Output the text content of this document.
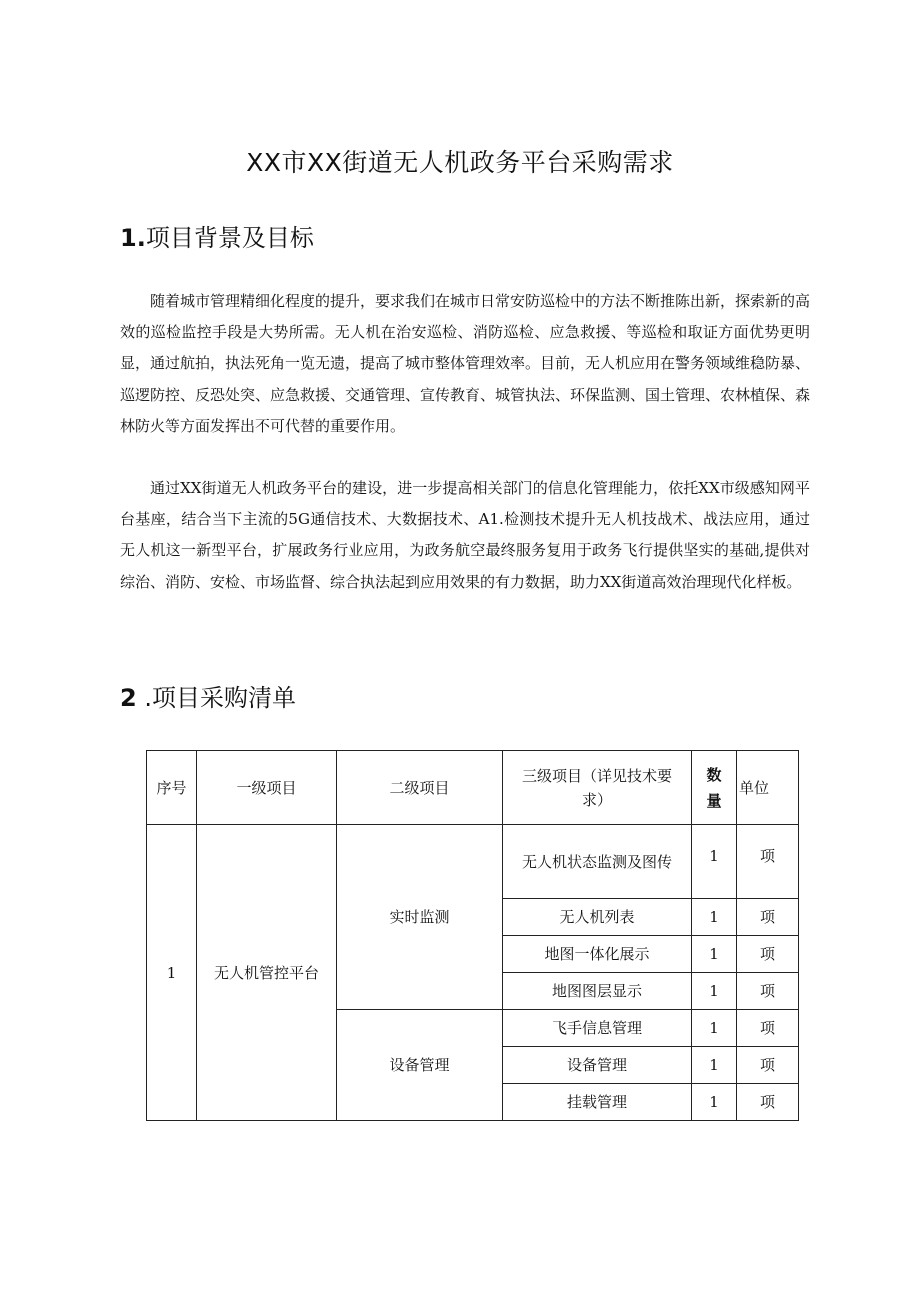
XX市XX街道无人机政务平台采购需求
1.项目背景及目标

随着城市管理精细化程度的提升，要求我们在城市日常安防巡检中的方法不断推陈出新，探索新的高效的巡检监控手段是大势所需。无人机在治安巡检、消防巡检、应急救援、等巡检和取证方面优势更明显，通过航拍，执法死角一览无遗，提高了城市整体管理效率。目前，无人机应用在警务领域维稳防暴、巡逻防控、反恐处突、应急救援、交通管理、宣传教育、城管执法、环保监测、国土管理、农林植保、森林防火等方面发挥出不可代替的重要作用。

通过XX街道无人机政务平台的建设，进一步提高相关部门的信息化管理能力，依托XX市级感知网平台基座，结合当下主流的5G通信技术、大数据技术、A1.检测技术提升无人机技战术、战法应用，通过无人机这一新型平台，扩展政务行业应用，为政务航空最终服务复用于政务飞行提供坚实的基础,提供对综治、消防、安检、市场监督、综合执法起到应用效果的有力数据，助力XX街道高效治理现代化样板。

2 .项目采购清单
序号	一级项目	二级项目	三级项目（详见技术要求）	数
量	单位
1	无人机管控平台	实时监测	无人机状态监测及图传	1	项
			无人机列表	1	项
			地图一体化展示	1	项
			地图图层显示	1	项
		设备管理	飞手信息管理	1	项
			设备管理	1	项
			挂载管理	1	项
